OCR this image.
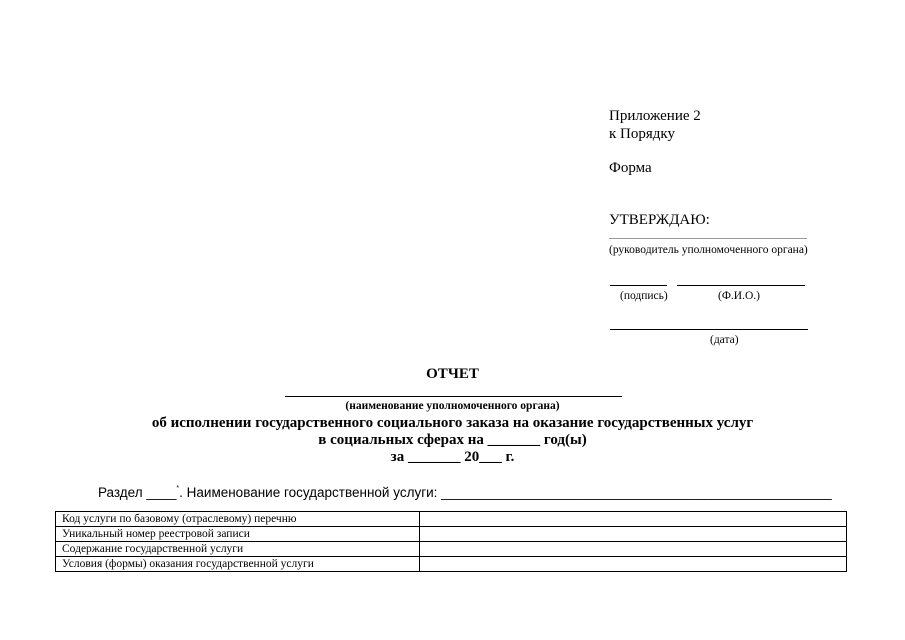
Приложение 2
к Порядку
Форма
УТВЕРЖДАЮ:
(руководитель уполномоченного органа)
(подпись)	(Ф.И.О.)
(дата)
ОТЧЕТ
(наименование уполномоченного органа)
об исполнении государственного социального заказа на оказание государственных услуг
в социальных сферах на _______ год(ы)
за _______ 20___ г.
Раздел ____*. Наименование государственной услуги: ____________________________________________________
Код услуги по базовому (отраслевому) перечню	
Уникальный номер реестровой записи	
Содержание государственной услуги	
Условия (формы) оказания государственной услуги	
